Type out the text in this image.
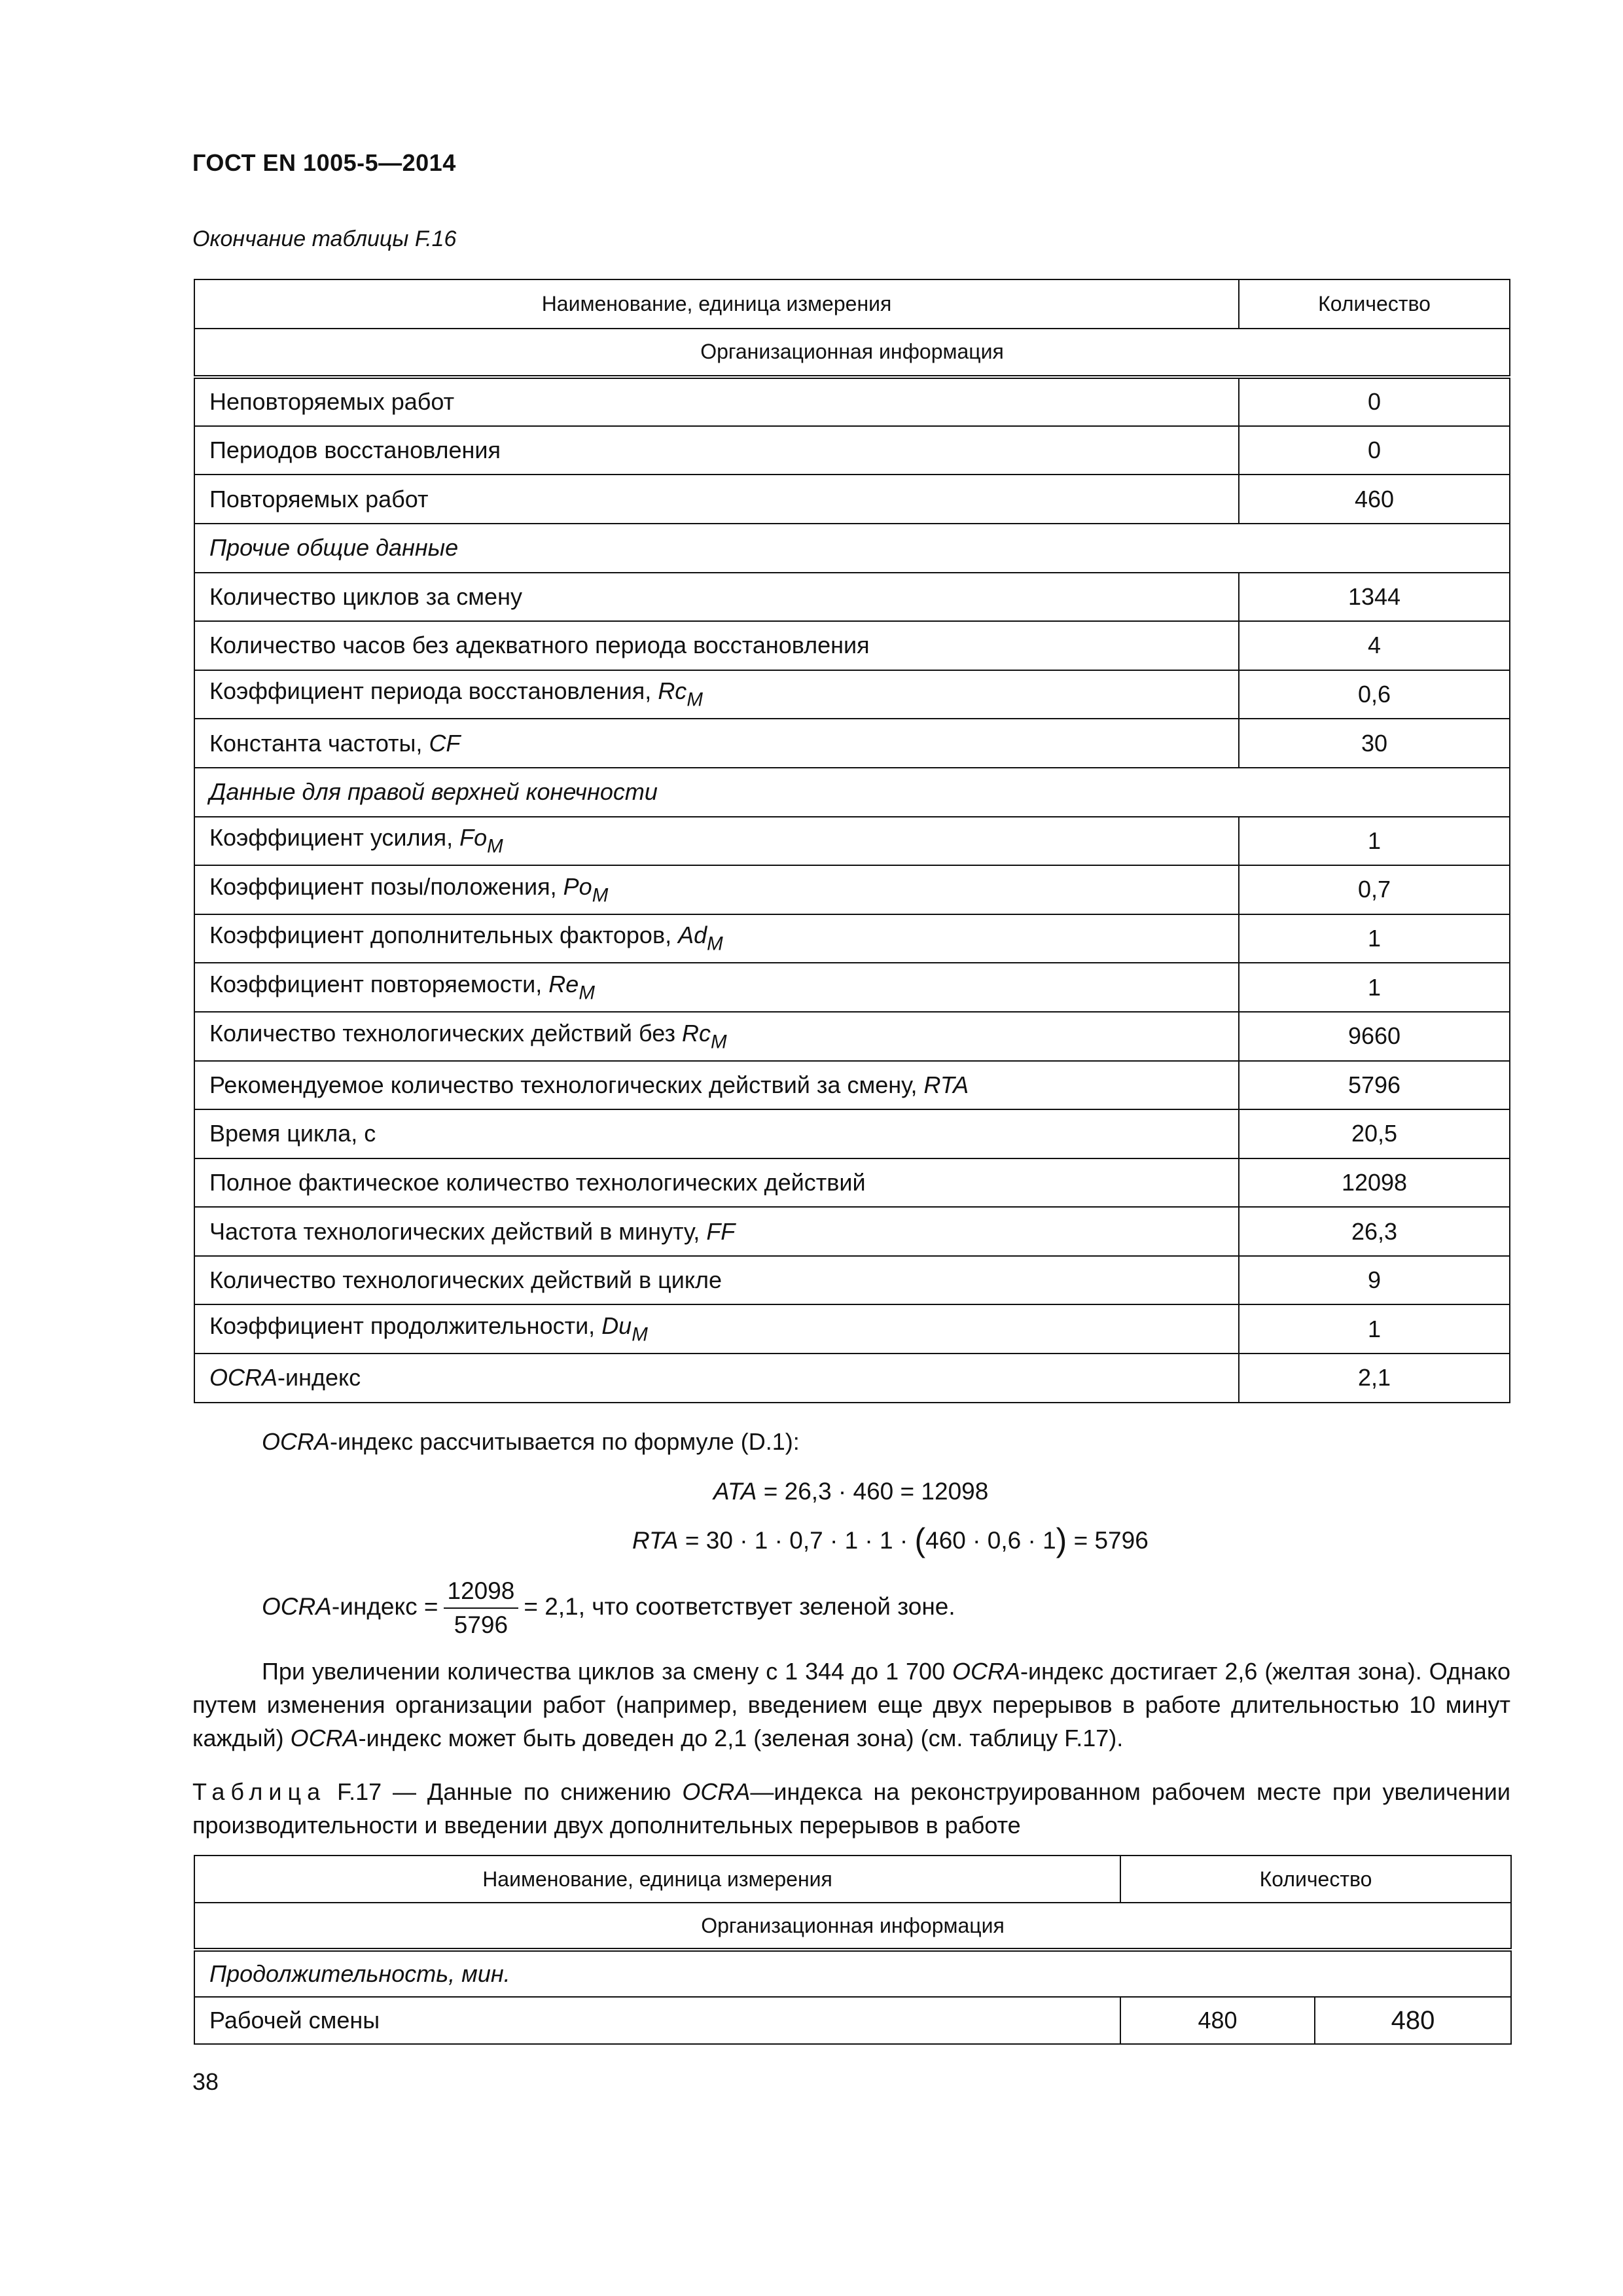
ГОСТ EN 1005-5—2014
Окончание таблицы F.16
Наименование, единица измерения	Количество
Организационная информация	
Неповторяемых работ	0
Периодов восстановления	0
Повторяемых работ	460
Прочие общие данные	
Количество циклов за смену	1344
Количество часов без адекватного периода восстановления	4
Коэффициент периода восстановления, $Rc_M$	0,6
Константа частоты, CF	30
Данные для правой верхней конечности	
Коэффициент усилия, $Fo_M$	1
Коэффициент позы/положения, $Po_M$	0,7
Коэффициент дополнительных факторов, $Ad_M$	1
Коэффициент повторяемости, $Re_M$	1
Количество технологических действий без $Rc_M$	9660
Рекомендуемое количество технологических действий за смену, RTA	5796
Время цикла, с	20,5
Полное фактическое количество технологических действий	12098
Частота технологических действий в минуту, FF	26,3
Количество технологических действий в цикле	9
Коэффициент продолжительности, $Du_M$	1
OCRA-индекс	2,1
OCRA-индекс рассчитывается по формуле (D.1):
ATA = 26,3 · 460 = 12098
RTA = 30 · 1 · 0,7 · 1 · 1 · (460 · 0,6 · 1) = 5796
OCRA-индекс = $\frac{12098}{5796} = 2,1$, что соответствует зеленой зоне.
При увеличении количества циклов за смену с 1 344 до 1 700 OCRA-индекс достигает 2,6 (желтая зона). Однако путем изменения организации работ (например, введением еще двух перерывов в работе длительностью 10 минут каждый) OCRA-индекс может быть доведен до 2,1 (зеленая зона) (см. таблицу F.17).
Таблица F.17 — Данные по снижению OCRA—индекса на реконструированном рабочем месте при увеличении производительности и введении двух дополнительных перерывов в работе
Наименование, единица измерения	Количество	
Организационная информация		
Продолжительность, мин.		
Рабочей смены	480	480
38
